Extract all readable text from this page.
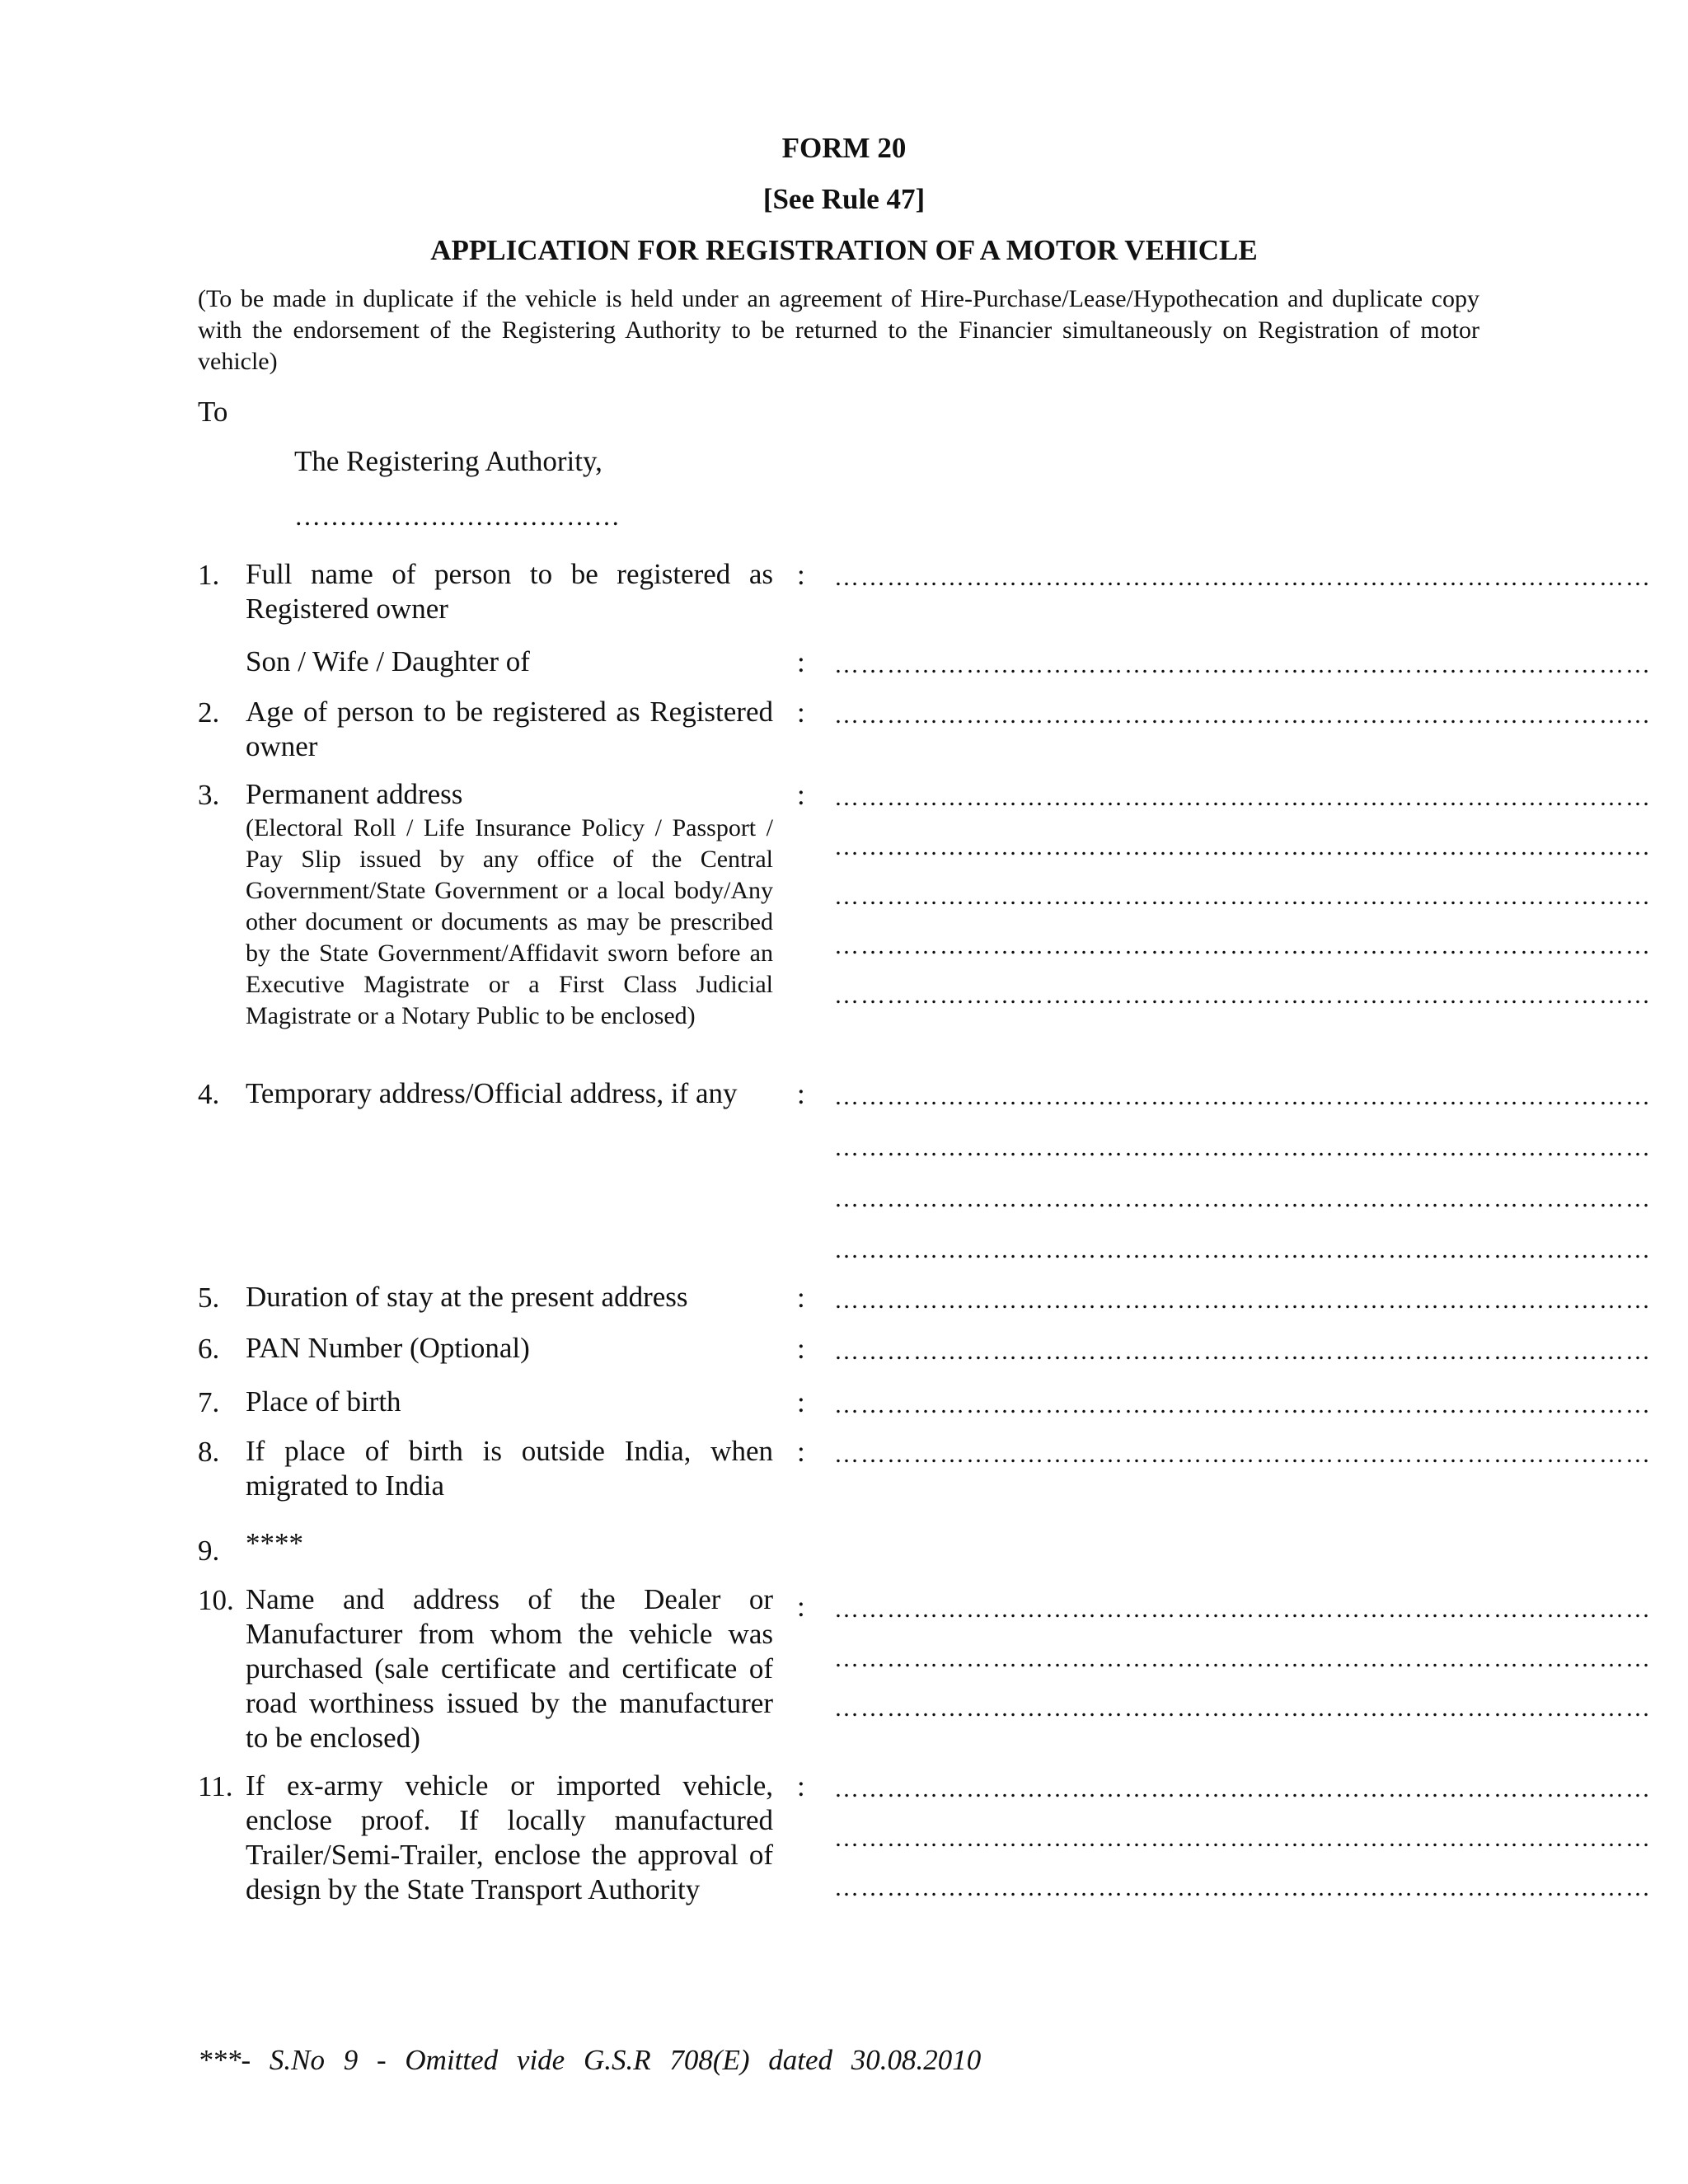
FORM 20
[See Rule 47]
APPLICATION FOR REGISTRATION OF A MOTOR VEHICLE
(To be made in duplicate if the vehicle is held under an agreement of Hire-Purchase/Lease/Hypothecation and duplicate copy with the endorsement of the Registering Authority to be returned to the Financier simultaneously on Registration of motor vehicle)
To
The Registering Authority,
………………………………
1. Full name of person to be registered as Registered owner
: …………………………………………………………………………………
Son / Wife / Daughter of	: …………………………………………………………………………………
2. Age of person to be registered as Registered owner
: …………………………………………………………………………………
3. Permanent address
(Electoral Roll / Life Insurance Policy / Passport / Pay Slip issued by any office of the Central Government/State Government or a local body/Any other document or documents as may be prescribed by the State Government/Affidavit sworn before an Executive Magistrate or a First Class Judicial Magistrate or a Notary Public to be enclosed)
: …………………………………………………………………………………
…………………………………………………………………………………
…………………………………………………………………………………
…………………………………………………………………………………
…………………………………………………………………………………
4. Temporary address/Official address, if any	: …………………………………………………………………………………
…………………………………………………………………………………
…………………………………………………………………………………
…………………………………………………………………………………
5. Duration of stay at the present address	: …………………………………………………………………………………
6. PAN Number (Optional)	: …………………………………………………………………………………
7. Place of birth	: …………………………………………………………………………………
8. If place of birth is outside India, when migrated to India
: …………………………………………………………………………………
9. ****
10. Name and address of the Dealer or Manufacturer from whom the vehicle was purchased (sale certificate and certificate of road worthiness issued by the manufacturer to be enclosed)
: …………………………………………………………………………………
…………………………………………………………………………………
…………………………………………………………………………………
11. If ex-army vehicle or imported vehicle, enclose proof. If locally manufactured Trailer/Semi-Trailer, enclose the approval of design by the State Transport Authority
: …………………………………………………………………………………
…………………………………………………………………………………
…………………………………………………………………………………
***- S.No 9 - Omitted vide G.S.R 708(E) dated 30.08.2010
